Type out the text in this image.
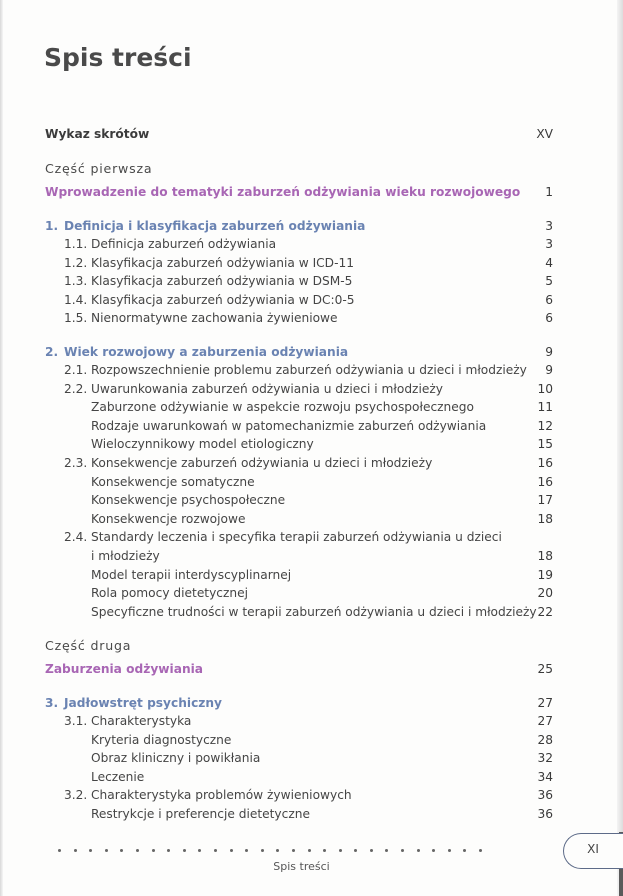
Spis treści
Wykaz skrótów	XV
Część pierwsza
Wprowadzenie do tematyki zaburzeń odżywiania wieku rozwojowego 1
1. Definicja i klasyfikacja zaburzeń odżywiania	3
1.1. Definicja zaburzeń odżywiania	3
1.2. Klasyfikacja zaburzeń odżywiania w ICD-11	4
1.3. Klasyfikacja zaburzeń odżywiania w DSM-5	5
1.4. Klasyfikacja zaburzeń odżywiania w DC:0-5	6
1.5. Nienormatywne zachowania żywieniowe	6
2. Wiek rozwojowy a zaburzenia odżywiania	9
2.1. Rozpowszechnienie problemu zaburzeń odżywiania u dzieci i młodzieży 9
2.2. Uwarunkowania zaburzeń odżywiania u dzieci i młodzieży	10
Zaburzone odżywianie w aspekcie rozwoju psychospołecznego	11
Rodzaje uwarunkowań w patomechanizmie zaburzeń odżywiania	12
Wieloczynnikowy model etiologiczny	15
2.3. Konsekwencje zaburzeń odżywiania u dzieci i młodzieży	16
Konsekwencje somatyczne	16
Konsekwencje psychospołeczne	17
Konsekwencje rozwojowe	18
2.4. Standardy leczenia i specyfika terapii zaburzeń odżywiania u dzieci
i młodzieży	18
Model terapii interdyscyplinarnej	19
Rola pomocy dietetycznej	20
Specyficzne trudności w terapii zaburzeń odżywiania u dzieci i młodzieży 22
Część druga
Zaburzenia odżywiania	25
3. Jadłowstręt psychiczny	27
3.1. Charakterystyka	27
Kryteria diagnostyczne	28
Obraz kliniczny i powikłania	32
Leczenie	34
3.2. Charakterystyka problemów żywieniowych	36
Restrykcje i preferencje dietetyczne	36
Spis treści
XI
